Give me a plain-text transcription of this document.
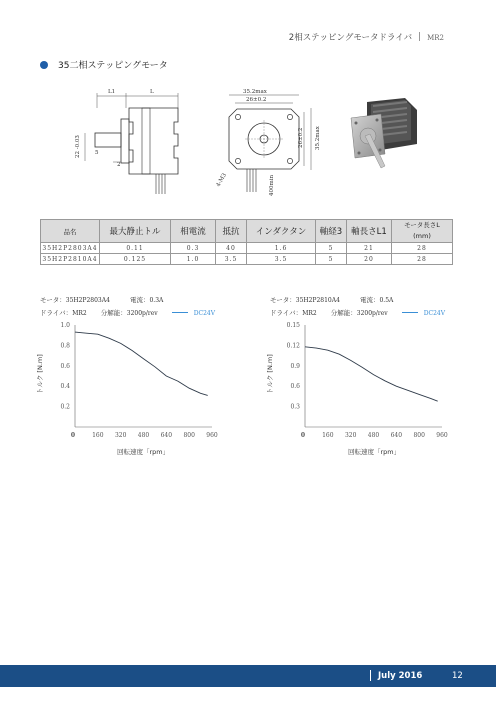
2相ステッピングモータドライバ MR2
35二相ステッピングモータ
L1	L
22 -0.03	5
2
35.2max
26±0.2
26±0.2 35.2max
4-M3	400min
品名	最大静止トル	相電流	抵抗	インダクタン	軸経3	軸長さL1	モータ長さL
(mm)
35H2P2803A4	0.11	0.3	40	1.6	5	21	28
35H2P2810A4	0.125	1.0	3.5	3.5	5	20	28
モータ：35H2P2803A4	電流：0.3A
ドライバ：MR2 分解能：3200p/rev	DC24V
1.0
0.8
0.6
0.4
0.2
0	160 320 480 640 800 960
トルク [N.m]
回転速度「rpm」
モータ：35H2P2810A4	電流：0.5A
ドライバ：MR2 分解能：3200p/rev	DC24V
0.15
0.12
0.9
0.6
0.3
0	160 320 480 640 800 960
トルク [N.m]
回転速度「rpm」
July 2016	12
